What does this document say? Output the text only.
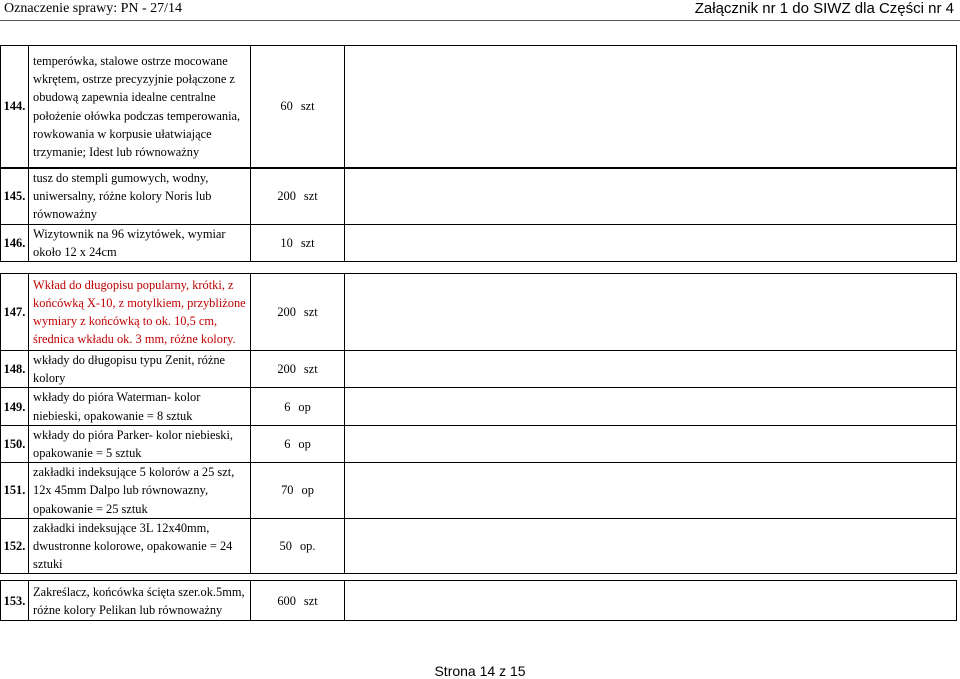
Oznaczenie sprawy: PN - 27/14	Załącznik nr 1 do SIWZ dla Części nr 4
144.	temperówka, stalowe ostrze mocowane wkrętem, ostrze precyzyjnie połączone z obudową zapewnia idealne centralne położenie ołówka podczas temperowania, rowkowania w korpusie ułatwiające trzymanie; Idest lub równoważny	60 szt	

145.	tusz do stempli gumowych, wodny, uniwersalny, różne kolory Noris lub równoważny	200 szt	
146.	Wizytownik na 96 wizytówek, wymiar około 12 x 24cm	10 szt	

147.	Wkład do długopisu popularny, krótki, z końcówką X-10, z motylkiem, przybliżone wymiary z końcówką to ok. 10,5 cm, średnica wkładu ok. 3 mm, różne kolory.	200 szt	
148.	wkłady do długopisu typu Zenit, różne kolory	200 szt	
149.	wkłady do pióra Waterman- kolor niebieski, opakowanie = 8 sztuk	6 op	
150.	wkłady do pióra Parker- kolor niebieski, opakowanie = 5 sztuk	6 op	
151.	zakładki indeksujące 5 kolorów a 25 szt, 12x 45mm Dalpo lub równowazny, opakowanie = 25 sztuk	70 op	
152.	zakładki indeksujące 3L 12x40mm, dwustronne kolorowe, opakowanie = 24 sztuki	50 op.	

153.	Zakreślacz, końcówka ścięta szer.ok.5mm, różne kolory Pelikan lub równoważny	600 szt	
Strona 14 z 15
